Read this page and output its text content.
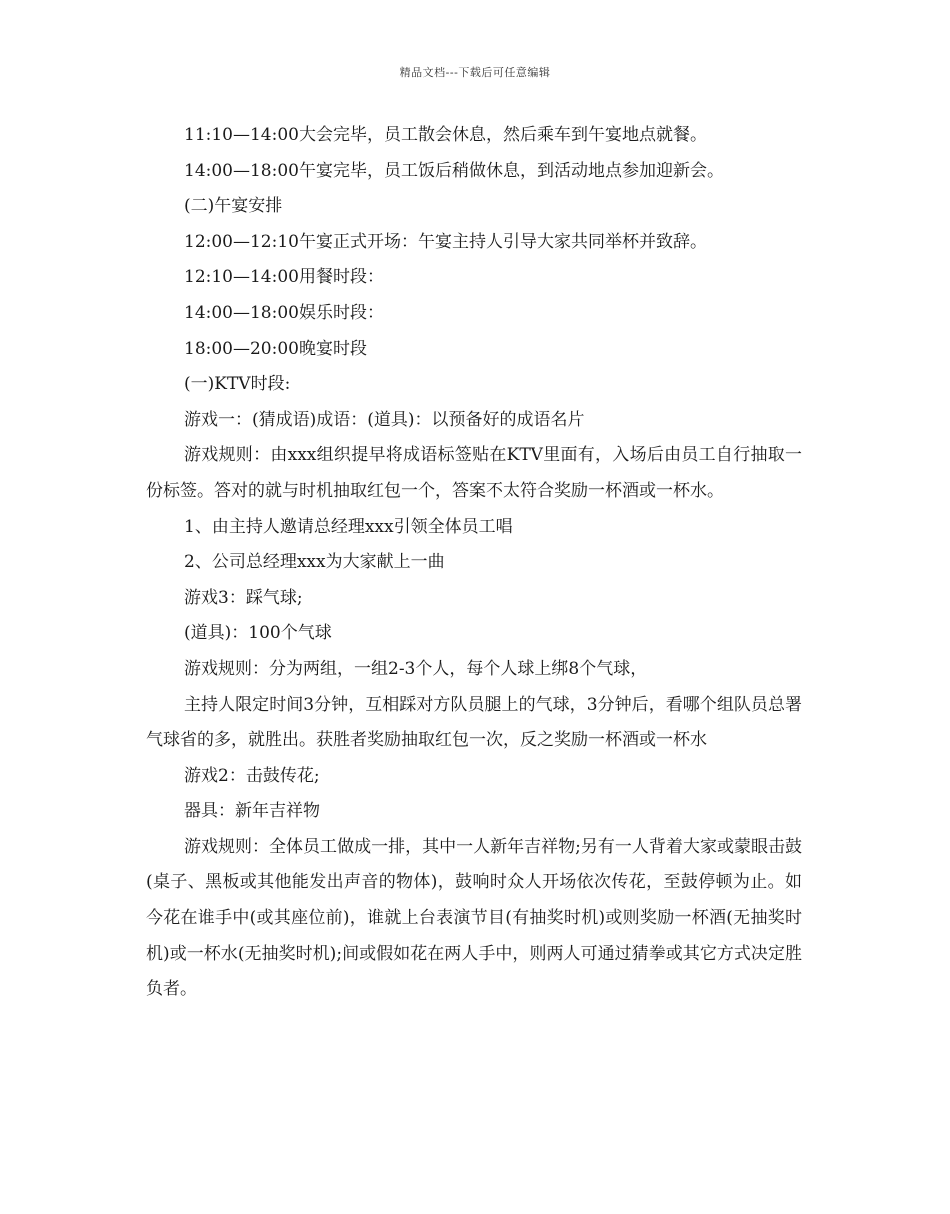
精品文档---下载后可任意编辑

11:10—14:00大会完毕，员工散会休息，然后乘车到午宴地点就餐。

14:00—18:00午宴完毕，员工饭后稍做休息，到活动地点参加迎新会。

(二)午宴安排

12:00—12:10午宴正式开场：午宴主持人引导大家共同举杯并致辞。

12:10—14:00用餐时段：

14:00—18:00娱乐时段：

18:00—20:00晚宴时段

(一)KTV时段:

游戏一：(猜成语)成语：(道具)：以预备好的成语名片

游戏规则：由xxx组织提早将成语标签贴在KTV里面有，入场后由员工自行抽取一份标签。答对的就与时机抽取红包一个，答案不太符合奖励一杯酒或一杯水。

1、由主持人邀请总经理xxx引领全体员工唱

2、公司总经理xxx为大家献上一曲

游戏3：踩气球;

(道具)：100个气球

游戏规则：分为两组，一组2-3个人，每个人球上绑8个气球，

主持人限定时间3分钟，互相踩对方队员腿上的气球，3分钟后，看哪个组队员总署气球省的多，就胜出。获胜者奖励抽取红包一次，反之奖励一杯酒或一杯水

游戏2：击鼓传花;

器具：新年吉祥物

游戏规则：全体员工做成一排，其中一人新年吉祥物;另有一人背着大家或蒙眼击鼓(桌子、黑板或其他能发出声音的物体)，鼓响时众人开场依次传花，至鼓停顿为止。如今花在谁手中(或其座位前)，谁就上台表演节目(有抽奖时机)或则奖励一杯酒(无抽奖时机)或一杯水(无抽奖时机);间或假如花在两人手中，则两人可通过猜拳或其它方式决定胜负者。
